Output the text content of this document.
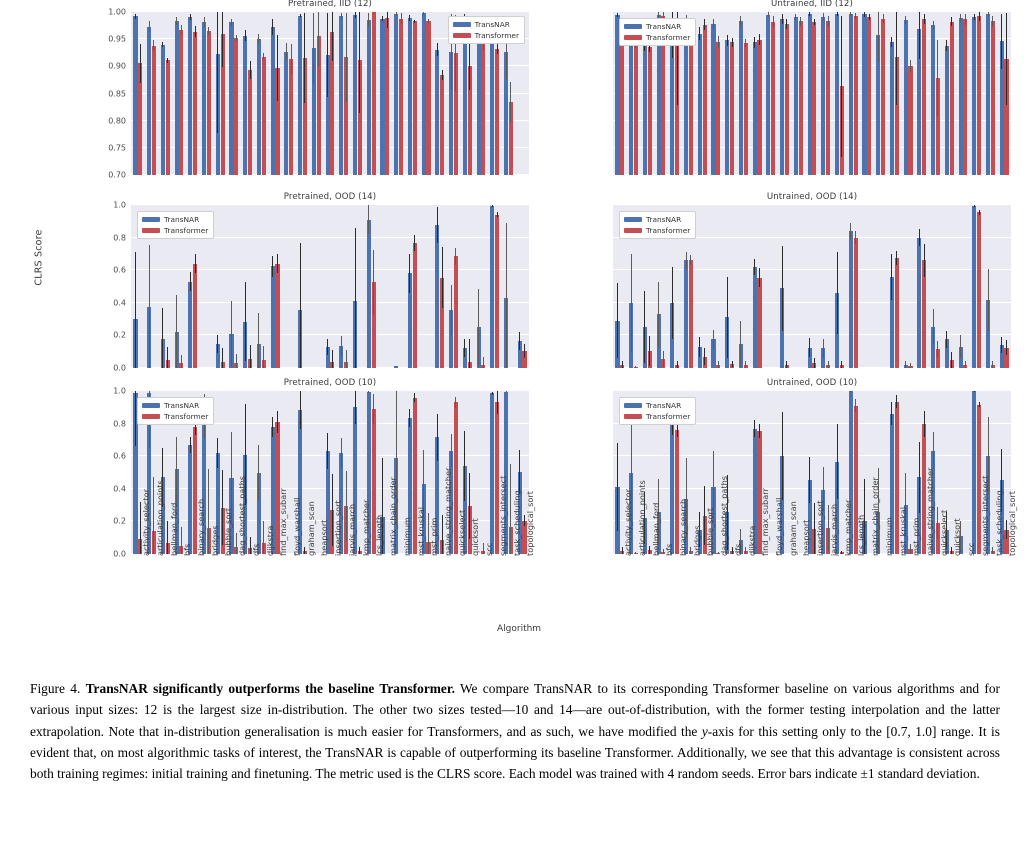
CLRS Score
Algorithm
Pretrained, IID (12)
0.70
0.75
0.80
0.85
0.90
0.95
1.00
TransNAR
Transformer
Untrained, IID (12)
TransNAR
Transformer
Pretrained, OOD (14)
0.0
0.2
0.4
0.6
0.8
1.0
TransNAR
Transformer
Untrained, OOD (14)
TransNAR
Transformer
Pretrained, OOD (10)
0.0
0.2
0.4
0.6
0.8
1.0
TransNAR
Transformer
Untrained, OOD (10)
TransNAR
Transformer
activity_selector articulation_points bellman_ford bfs binary_search bridges bubble_sort dag_shortest_paths dfs dijkstra find_max_subarr floyd_warshall graham_scan heapsort insertion_sort jarvis_march kmp_matcher lcs_length matrix_chain_order minimum mst_kruskal mst_prim naive_string_matcher quickselect quicksort scc segments_intersect task_scheduling topological_sort	activity_selector articulation_points bellman_ford bfs binary_search bridges bubble_sort dag_shortest_paths dfs dijkstra find_max_subarr floyd_warshall graham_scan heapsort insertion_sort jarvis_march kmp_matcher lcs_length matrix_chain_order minimum mst_kruskal mst_prim naive_string_matcher quickselect quicksort scc segments_intersect task_scheduling topological_sort
Figure 4. TransNAR significantly outperforms the baseline Transformer. We compare TransNAR to its corresponding Transformer baseline on various algorithms and for various input sizes: 12 is the largest size in-distribution. The other two sizes tested—10 and 14—are out-of-distribution, with the former testing interpolation and the latter extrapolation. Note that in-distribution generalisation is much easier for Transformers, and as such, we have modified the y-axis for this setting only to the [0.7, 1.0] range. It is evident that, on most algorithmic tasks of interest, the TransNAR is capable of outperforming its baseline Transformer. Additionally, we see that this advantage is consistent across both training regimes: initial training and finetuning. The metric used is the CLRS score. Each model was trained with 4 random seeds. Error bars indicate ±1 standard deviation.
